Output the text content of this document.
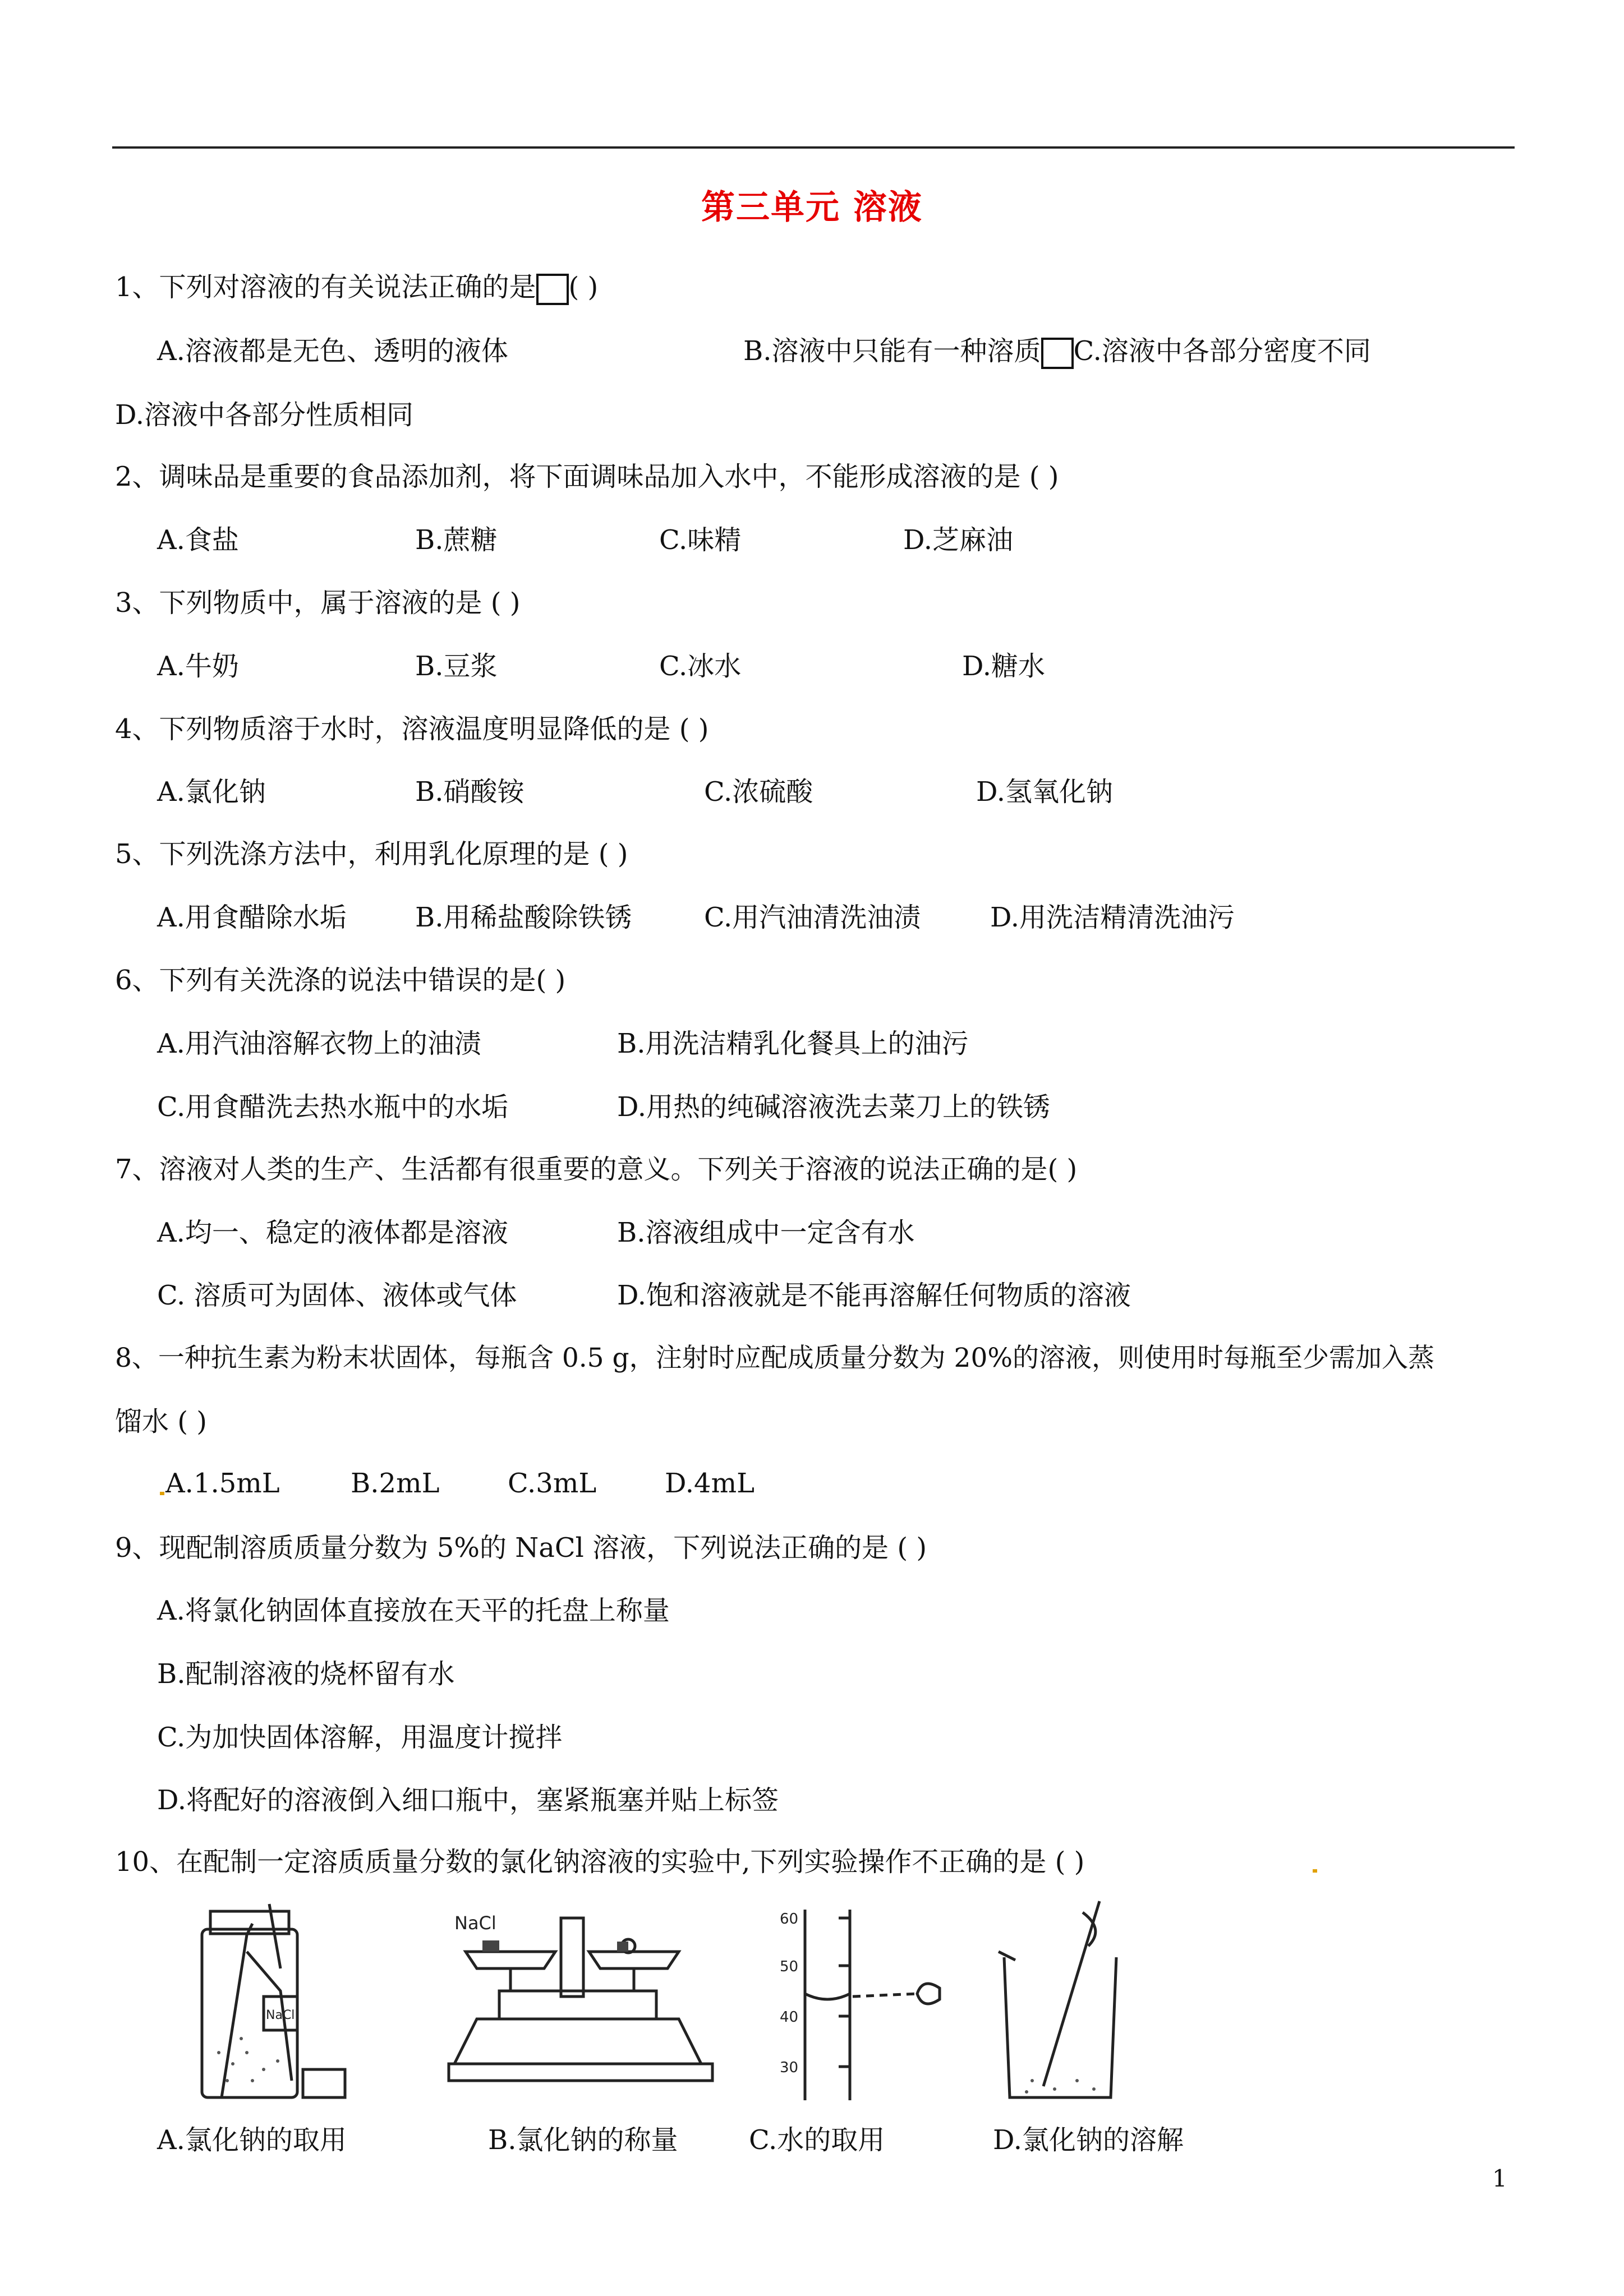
第三单元 溶液
1、下列对溶液的有关说法正确的是 ( )
A.溶液都是无色、透明的液体	B.溶液中只能有一种溶质 C.溶液中各部分密度不同
D.溶液中各部分性质相同
2、调味品是重要的食品添加剂，将下面调味品加入水中，不能形成溶液的是 ( )
A.食盐	B.蔗糖	C.味精	D.芝麻油
3、下列物质中，属于溶液的是 ( )
A.牛奶	B.豆浆	C.冰水	D.糖水
4、下列物质溶于水时，溶液温度明显降低的是 ( )
A.氯化钠	B.硝酸铵	C.浓硫酸	D.氢氧化钠
5、下列洗涤方法中，利用乳化原理的是 ( )
A.用食醋除水垢	B.用稀盐酸除铁锈	C.用汽油清洗油渍	D.用洗洁精清洗油污
6、下列有关洗涤的说法中错误的是( )
A.用汽油溶解衣物上的油渍	B.用洗洁精乳化餐具上的油污
C.用食醋洗去热水瓶中的水垢	D.用热的纯碱溶液洗去菜刀上的铁锈
7、溶液对人类的生产、生活都有很重要的意义。下列关于溶液的说法正确的是( )
A.均一、稳定的液体都是溶液	B.溶液组成中一定含有水
C. 溶质可为固体、液体或气体	D.饱和溶液就是不能再溶解任何物质的溶液
8、一种抗生素为粉末状固体，每瓶含 0.5 g，注射时应配成质量分数为 20%的溶液，则使用时每瓶至少需加入蒸
馏水 ( )
A.1.5mL	B.2mL	C.3mL	D.4mL
9、现配制溶质质量分数为 5%的 NaCl 溶液，下列说法正确的是 ( )
A.将氯化钠固体直接放在天平的托盘上称量
B.配制溶液的烧杯留有水
C.为加快固体溶解，用温度计搅拌
D.将配好的溶液倒入细口瓶中，塞紧瓶塞并贴上标签
10、在配制一定溶质质量分数的氯化钠溶液的实验中,下列实验操作不正确的是 ( )
NaCl
NaCl	60
50
40
30
A.氯化钠的取用	B.氯化钠的称量	C.水的取用	D.氯化钠的溶解
1
